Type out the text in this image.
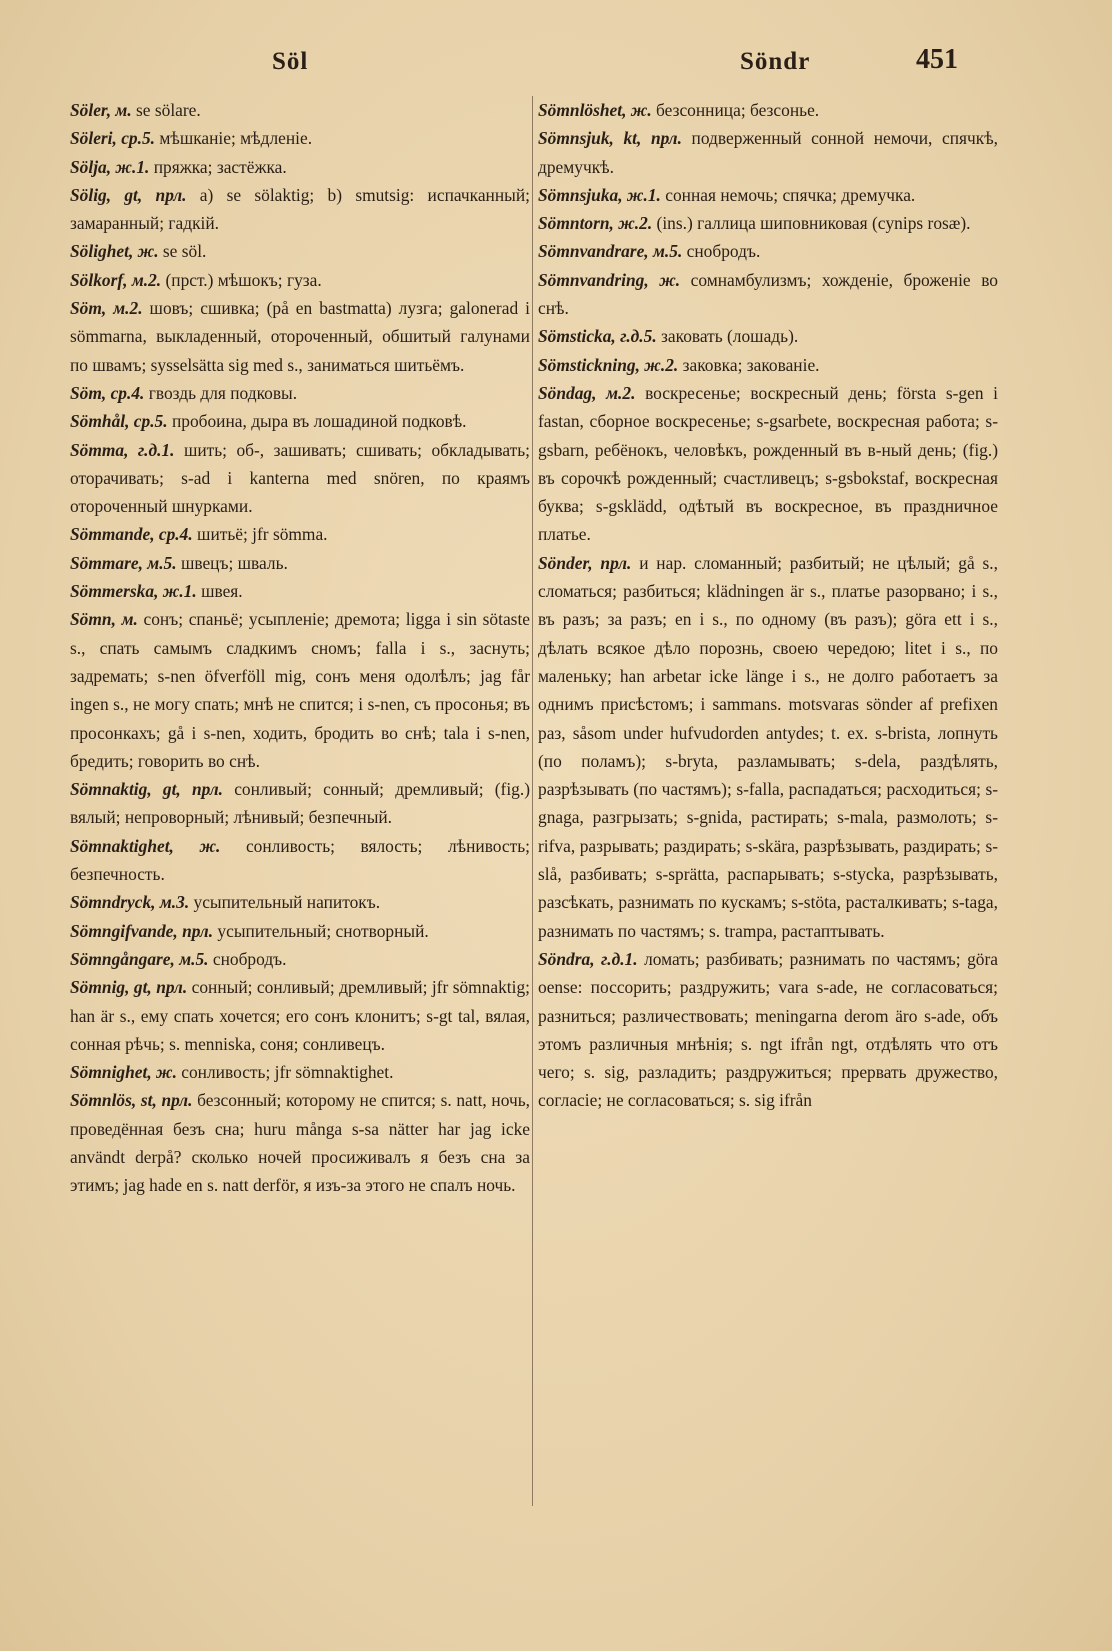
Söl	Söndr	451

Söler, м. se sölare.

Söleri, ср.5. мѣшканіе; мѣдленіе.

Sölja, ж.1. пряжка; застёжка.

Sölig, gt, прл. a) se sölaktig; b) smutsig: испачканный; замаранный; гадкій.

Sölighet, ж. se söl.

Sölkorf, м.2. (прст.) мѣшокъ; гуза.

Söm, м.2. шовъ; сшивка; (på en bastmatta) лузга; galonerad i sömmarna, выкладенный, отороченный, обшитый галунами по швамъ; sysselsätta sig med s., заниматься шитьёмъ.

Söm, ср.4. гвоздь для подковы.

Sömhål, ср.5. пробоина, дыра въ лошадиной подковѣ.

Sömma, г.д.1. шить; об-, зашивать; сшивать; обкладывать; оторачивать; s-ad i kanterna med snören, по краямъ отороченный шнурками.

Sömmande, ср.4. шитьё; jfr sömma.

Sömmare, м.5. швецъ; шваль.

Sömmerska, ж.1. швея.

Sömn, м. сонъ; спаньё; усыпленіе; дремота; ligga i sin sötaste s., спать самымъ сладкимъ сномъ; falla i s., заснуть; задремать; s-nen öfverföll mig, сонъ меня одолѣлъ; jag får ingen s., не могу спать; мнѣ не спится; i s-nen, съ просонья; въ просонкахъ; gå i s-nen, ходить, бродить во снѣ; tala i s-nen, бредить; говорить во снѣ.

Sömnaktig, gt, прл. сонливый; сонный; дремливый; (fig.) вялый; непроворный; лѣнивый; безпечный.

Sömnaktighet, ж. сонливость; вялость; лѣнивость; безпечность.

Sömndryck, м.3. усыпительный напитокъ.

Sömngifvande, прл. усыпительный; снотворный.

Sömngångare, м.5. снобродъ.

Sömnig, gt, прл. сонный; сонливый; дремливый; jfr sömnaktig; han är s., ему спать хочется; его сонъ клонитъ; s-gt tal, вялая, сонная рѣчь; s. menniska, соня; сонливецъ.

Sömnighet, ж. сонливость; jfr sömnaktighet.

Sömnlös, st, прл. безсонный; которому не спится; s. natt, ночь, проведённая безъ сна; huru många s-sa nätter har jag icke användt derpå? сколько ночей просиживалъ я безъ сна за этимъ; jag hade en s. natt derför, я изъ-за этого не спалъ ночь.

Sömnlöshet, ж. безсонница; безсонье.

Sömnsjuk, kt, прл. подверженный сонной немочи, спячкѣ, дремучкѣ.

Sömnsjuka, ж.1. сонная немочь; спячка; дремучка.

Sömntorn, ж.2. (ins.) галлица шиповниковая (cynips rosæ).

Sömnvandrare, м.5. снобродъ.

Sömnvandring, ж. сомнамбулизмъ; хожденіе, броженіе во снѣ.

Sömsticka, г.д.5. заковать (лошадь).

Sömstickning, ж.2. заковка; закованіе.

Söndag, м.2. воскресенье; воскресный день; första s-gen i fastan, сборное воскресенье; s-gsarbete, воскресная работа; s-gsbarn, ребёнокъ, человѣкъ, рожденный въ в-ный день; (fig.) въ сорочкѣ рожденный; счастливецъ; s-gsbokstaf, воскресная буква; s-gsklädd, одѣтый въ воскресное, въ праздничное платье.

Sönder, прл. и нар. сломанный; разбитый; не цѣлый; gå s., сломаться; разбиться; klädningen är s., платье разорвано; i s., въ разъ; за разъ; en i s., по одному (въ разъ); göra ett i s., дѣлать всякое дѣло порознь, своею чередою; litet i s., по маленьку; han arbetar icke länge i s., не долго работаетъ за однимъ присѣстомъ; i sammans. motsvaras sönder af prefixen раз, såsom under hufvudorden antydes; t. ex. s-brista, лопнуть (по поламъ); s-bryta, разламывать; s-dela, раздѣлять, разрѣзывать (по частямъ); s-falla, распадаться; расходиться; s-gnaga, разгрызать; s-gnida, растирать; s-mala, размолоть; s-rifva, разрывать; раздирать; s-skära, разрѣзывать, раздирать; s-slå, разбивать; s-sprätta, распарывать; s-stycka, разрѣзывать, разсѣкать, разнимать по кускамъ; s-stöta, расталкивать; s-taga, разнимать по частямъ; s. trampa, растаптывать.

Söndra, г.д.1. ломать; разбивать; разнимать по частямъ; göra oense: поссорить; раздружить; vara s-ade, не согласоваться; разниться; различествовать; meningarna derom äro s-ade, объ этомъ различныя мнѣнія; s. ngt ifrån ngt, отдѣлять что отъ чего; s. sig, разладить; раздружиться; прервать дружество, согласіе; не согласоваться; s. sig ifrån
